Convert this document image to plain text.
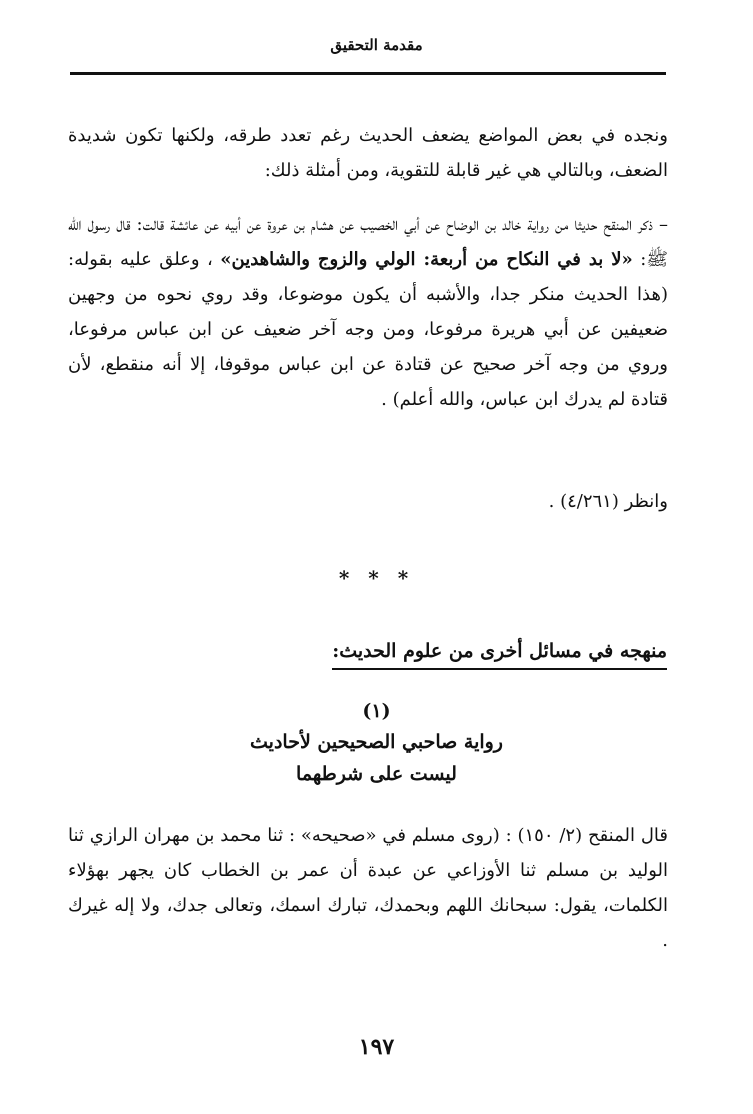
مقدمة التحقيق

ونجده في بعض المواضع يضعف الحديث رغم تعدد طرقه، ولكنها تكون شديدة الضعف، وبالتالي هي غير قابلة للتقوية، ومن أمثلة ذلك:

– ذكر المنقح حديثا من رواية خالد بن الوضاح عن أبي الخصيب عن هشام بن عروة عن أبيه عن عائشة قالت: قال رسول الله ﷺ: «لا بد في النكاح من أربعة: الولي والزوج والشاهدين» ، وعلق عليه بقوله: (هذا الحديث منكر جدا، والأشبه أن يكون موضوعا، وقد روي نحوه من وجهين ضعيفين عن أبي هريرة مرفوعا، ومن وجه آخر ضعيف عن ابن عباس مرفوعا، وروي من وجه آخر صحيح عن قتادة عن ابن عباس موقوفا، إلا أنه منقطع، لأن قتادة لم يدرك ابن عباس، والله أعلم) .

وانظر (٤/٢٦١) .

* * *
منهجه في مسائل أخرى من علوم الحديث:
(١)
رواية صاحبي الصحيحين لأحاديث
ليست على شرطهما

قال المنقح (٢/ ١٥٠) : (روى مسلم في «صحيحه» : ثنا محمد بن مهران الرازي ثنا الوليد بن مسلم ثنا الأوزاعي عن عبدة أن عمر بن الخطاب كان يجهر بهؤلاء الكلمات، يقول: سبحانك اللهم وبحمدك، تبارك اسمك، وتعالى جدك، ولا إله غيرك .

١٩٧
